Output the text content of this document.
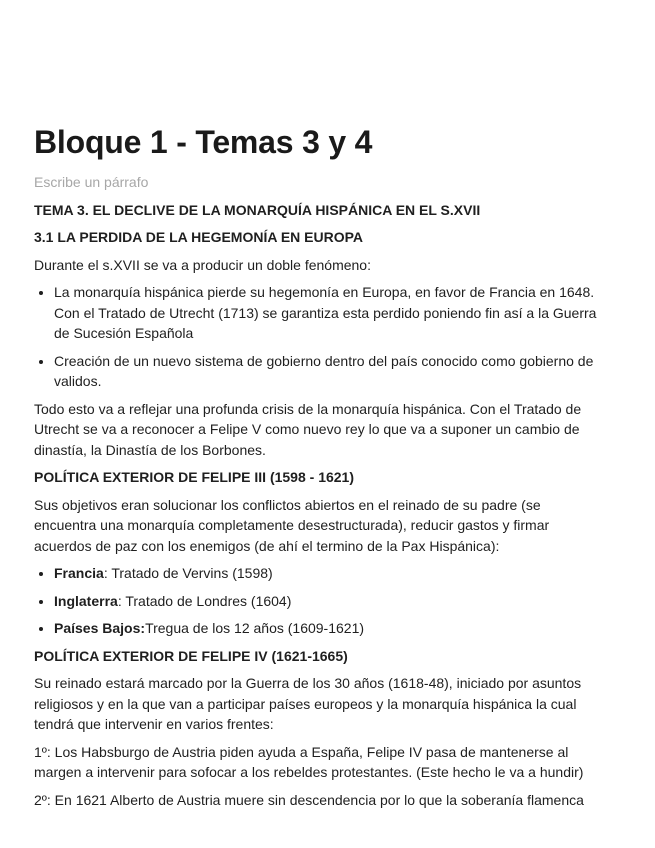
Bloque 1 - Temas 3 y 4

Escribe un párrafo

TEMA 3. EL DECLIVE DE LA MONARQUÍA HISPÁNICA EN EL S.XVII

3.1 LA PERDIDA DE LA HEGEMONÍA EN EUROPA

Durante el s.XVII se va a producir un doble fenómeno:

• La monarquía hispánica pierde su hegemonía en Europa, en favor de Francia en 1648. Con el Tratado de Utrecht (1713) se garantiza esta perdido poniendo fin así a la Guerra de Sucesión Española
• Creación de un nuevo sistema de gobierno dentro del país conocido como gobierno de validos.

Todo esto va a reflejar una profunda crisis de la monarquía hispánica. Con el Tratado de Utrecht se va a reconocer a Felipe V como nuevo rey lo que va a suponer un cambio de dinastía, la Dinastía de los Borbones.

POLÍTICA EXTERIOR DE FELIPE III (1598 - 1621)

Sus objetivos eran solucionar los conflictos abiertos en el reinado de su padre (se encuentra una monarquía completamente desestructurada), reducir gastos y firmar acuerdos de paz con los enemigos (de ahí el termino de la Pax Hispánica):

• Francia: Tratado de Vervins (1598)
• Inglaterra: Tratado de Londres (1604)
• Países Bajos:Tregua de los 12 años (1609-1621)

POLÍTICA EXTERIOR DE FELIPE IV (1621-1665)

Su reinado estará marcado por la Guerra de los 30 años (1618-48), iniciado por asuntos religiosos y en la que van a participar países europeos y la monarquía hispánica la cual tendrá que intervenir en varios frentes:

1º: Los Habsburgo de Austria piden ayuda a España, Felipe IV pasa de mantenerse al margen a intervenir para sofocar a los rebeldes protestantes. (Este hecho le va a hundir)

2º: En 1621 Alberto de Austria muere sin descendencia por lo que la soberanía flamenca
